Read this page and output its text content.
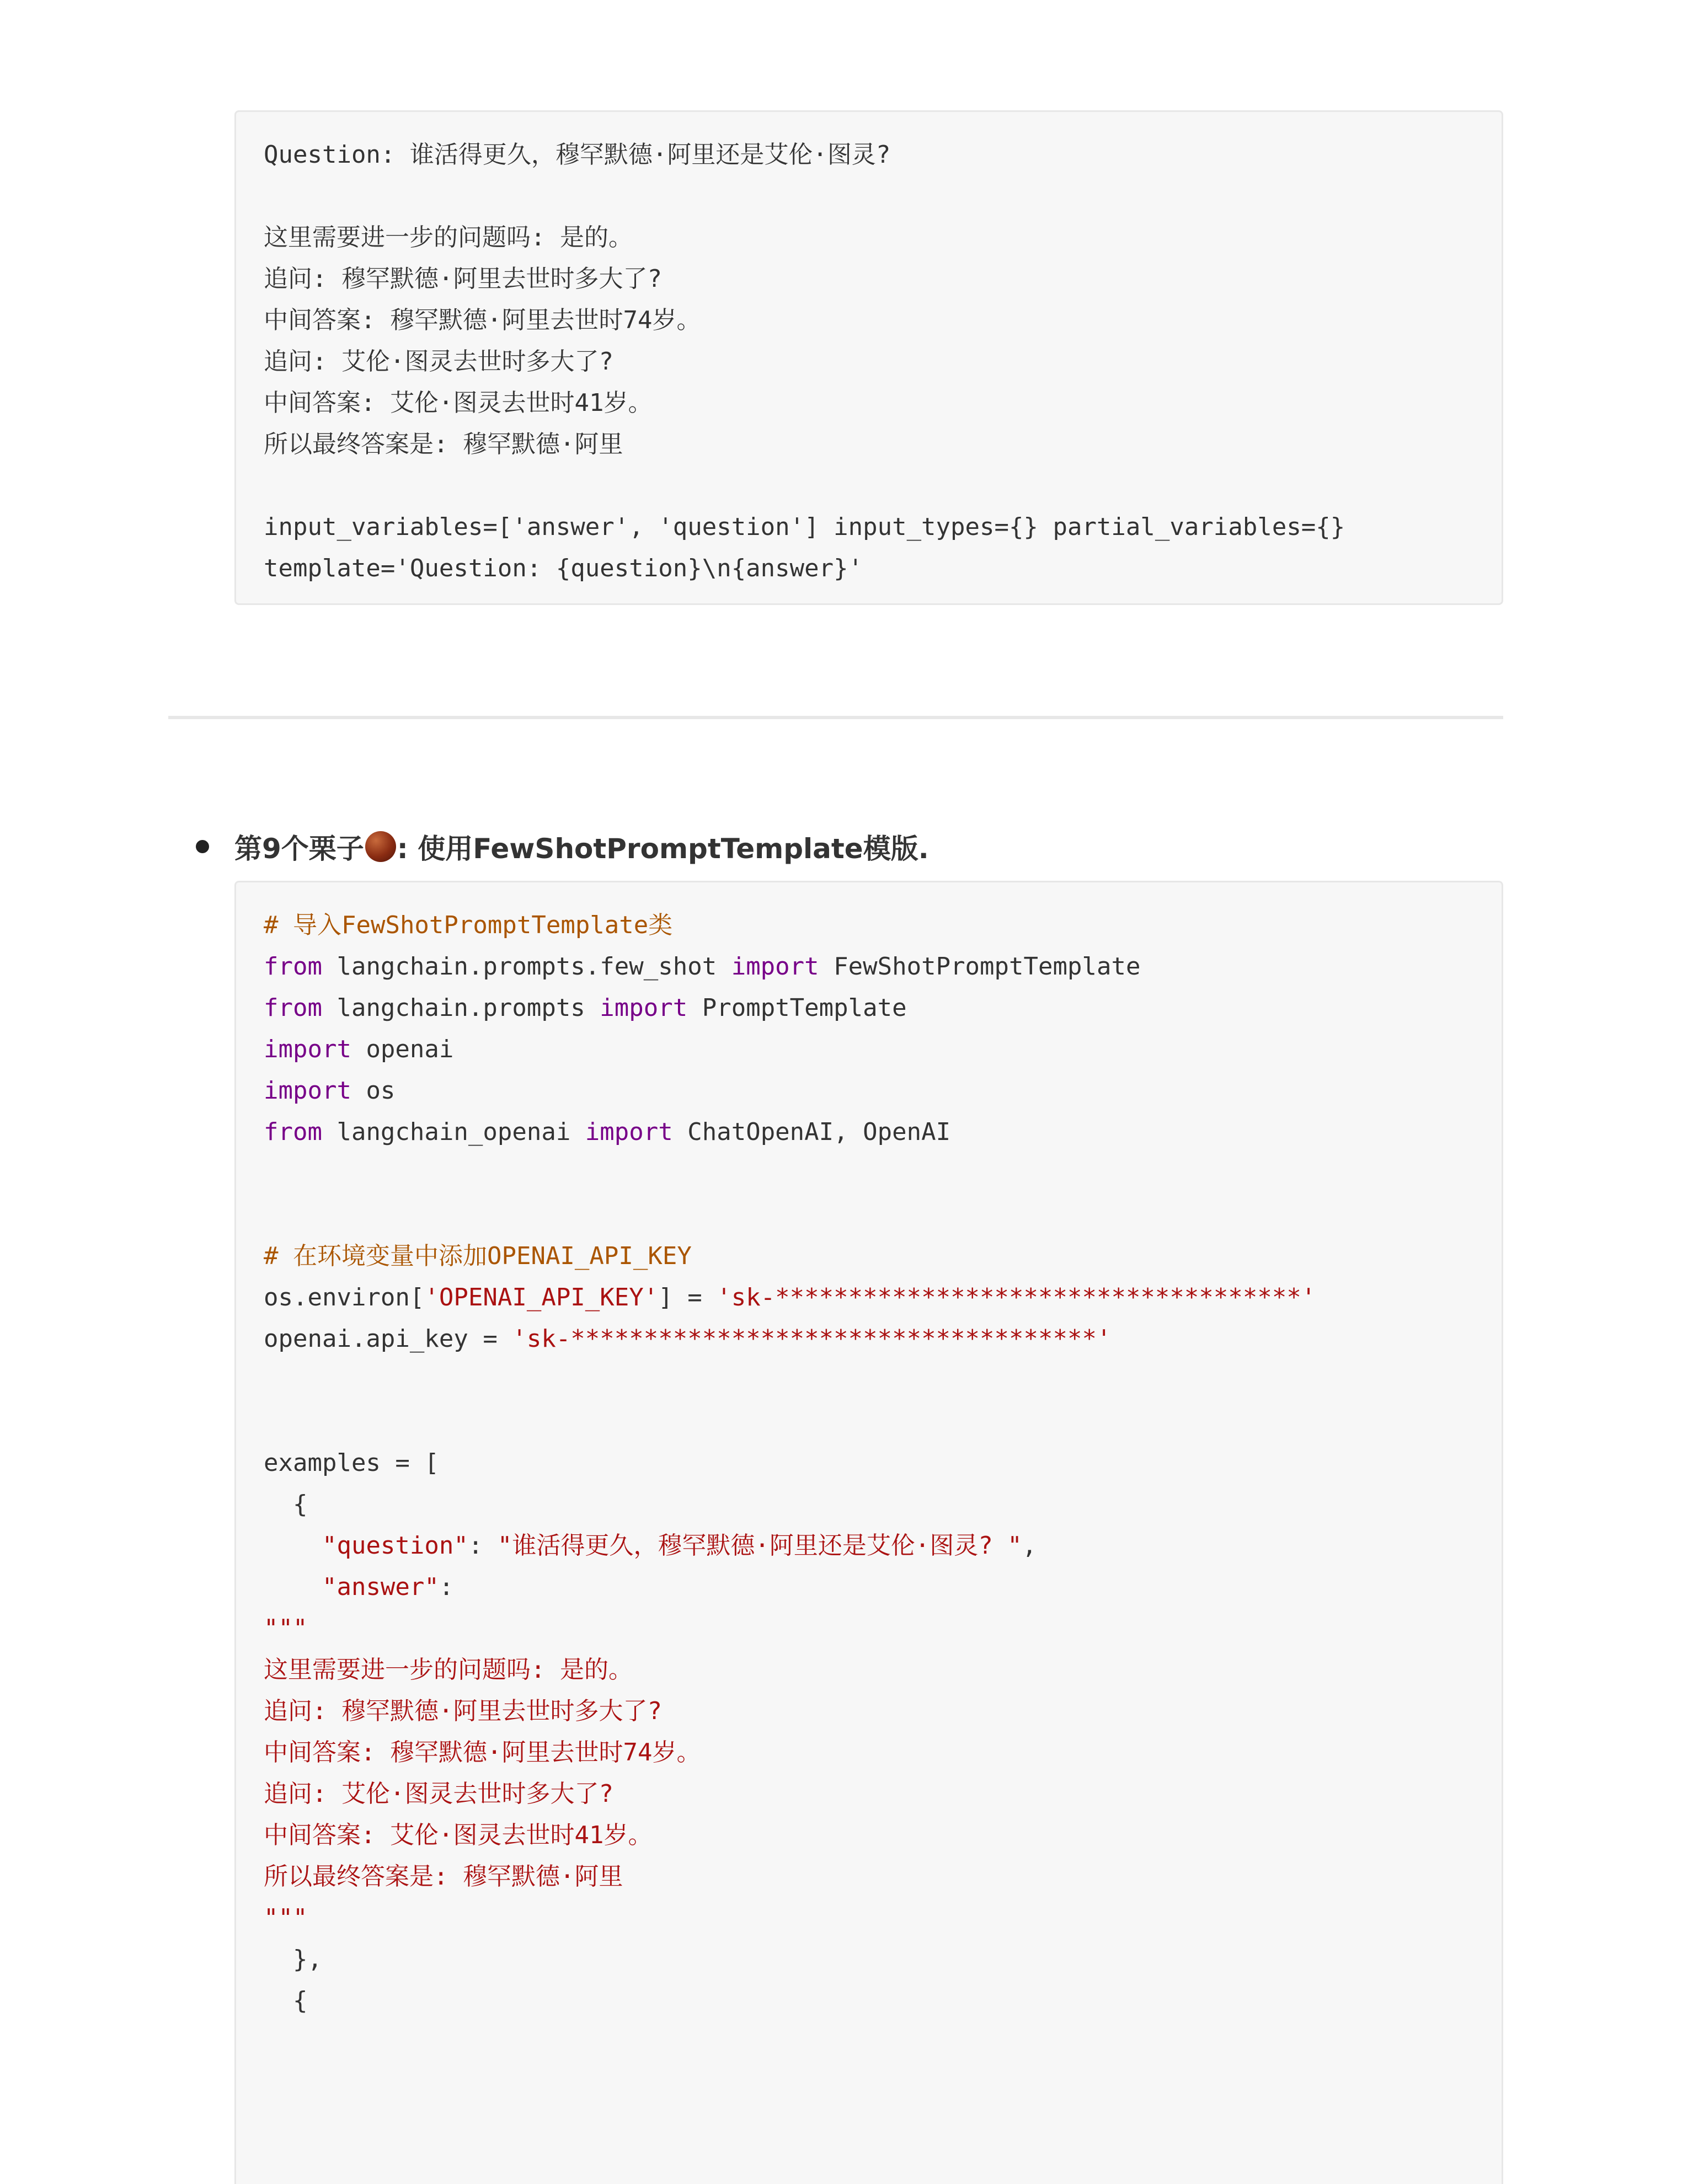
Question: 谁活得更久，穆罕默德·阿里还是艾伦·图灵?
这里需要进一步的问题吗: 是的。
追问: 穆罕默德·阿里去世时多大了?
中间答案: 穆罕默德·阿里去世时74岁。
追问: 艾伦·图灵去世时多大了?
中间答案: 艾伦·图灵去世时41岁。
所以最终答案是: 穆罕默德·阿里
input_variables=['answer', 'question'] input_types={} partial_variables={}
template='Question: {question}\n{answer}'
第9个栗子 : 使用FewShotPromptTemplate模版.
# 导入FewShotPromptTemplate类
from langchain.prompts.few_shot import FewShotPromptTemplate
from langchain.prompts import PromptTemplate
import openai
import os
from langchain_openai import ChatOpenAI, OpenAI
# 在环境变量中添加OPENAI_API_KEY
os.environ['OPENAI_API_KEY'] = 'sk-************************************'
openai.api_key = 'sk-************************************'
examples = [
{
"question": "谁活得更久，穆罕默德·阿里还是艾伦·图灵? ",
"answer":
"""
这里需要进一步的问题吗: 是的。
追问: 穆罕默德·阿里去世时多大了?
中间答案: 穆罕默德·阿里去世时74岁。
追问: 艾伦·图灵去世时多大了?
中间答案: 艾伦·图灵去世时41岁。
所以最终答案是: 穆罕默德·阿里
"""
},
{
